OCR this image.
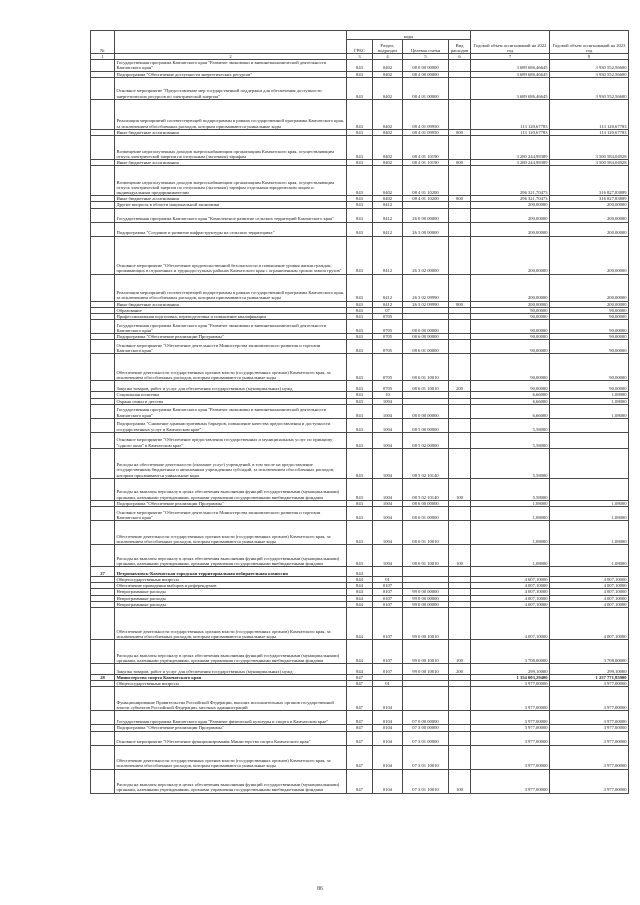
№		коды				Годовой объем ассигнований на 2022 год	Годовой объем ассигнований на 2023 год
		ГРБС	Раздел, подраздел	Целевая статья	Вид расходов		
1	2	3	4	5	6	7	8
	Государственная программа Камчатского края "Развитие экономики и внешнеэкономической деятельности Камчатского края"	843	0402	08 0 00 00000		3 689 686,46645	3 930 552,56600
	Подпрограмма "Обеспечение доступности энергетических ресурсов"	843	0402	08 4 00 00000		3 689 686,46645	3 930 552,56600
	Основное мероприятие "Предоставление мер государственной поддержки для обеспечения доступности энергетических ресурсов по электрической энергии"	843	0402	08 4 01 00000		3 689 686,46645	3 930 552,56600
	Реализация мероприятий соответствующей подпрограммы в рамках государственной программы Камчатского края, за исключением обособленных расходов, которым присваиваются уникальные коды	843	0402	08 4 01 09950		113 120,67783	113 120,67783
	Иные бюджетные ассигнования	843	0402	08 4 01 09950	800	113 120,67783	113 120,67783
	Возмещение недополученных доходов энергоснабжающим организациям Камчатского края, осуществляющим отпуск электрической энергии по отпускным (льготным) тарифам	843	0402	08 4 01 10190		3 280 244,98389	3 500 584,04928
	Иные бюджетные ассигнования	843	0402	08 4 01 10190	800	3 280 244,98389	3 500 584,04928
	Возмещение недополученных доходов энергоснабжающим организациям Камчатского края, осуществляющим отпуск электрической энергии по отпускным (льготным) тарифам отдельным юридическим лицам и индивидуальным предпринимателям	843	0402	08 4 01 10200		296 321,70473	316 827,83889
	Иные бюджетные ассигнования	843	0402	08 4 01 10200	800	296 321,70473	316 827,83889
	Другие вопросы в области национальной экономики	843	0412			200,00000	200,00000
	Государственная программа Камчатского края "Комплексное развитие сельских территорий Камчатского края"	843	0412	26 0 00 00000		200,00000	200,00000
	Подпрограмма "Создание и развитие инфраструктуры на сельских территориях"	843	0412	26 3 00 00000		200,00000	200,00000
	Основное мероприятие "Обеспечение продовольственной безопасности и повышение уровня жизни граждан, проживающих в отдаленных и труднодоступных районах Камчатского края с ограниченным сроком завоза грузов"	843	0412	26 3 02 00000		200,00000	200,00000
	Реализация мероприятий соответствующей подпрограммы в рамках государственной программы Камчатского края, за исключением обособленных расходов, которым присваиваются уникальные коды	843	0412	26 3 02 09990		200,00000	200,00000
	Иные бюджетные ассигнования	843	0412	26 3 02 09990	800	200,00000	200,00000
	Образование	843	07			90,00000	90,00000
	Профессиональная подготовка, переподготовка и повышение квалификации	843	0705			90,00000	90,00000
	Государственная программа Камчатского края "Развитие экономики и внешнеэкономической деятельности Камчатского края"	843	0705	08 0 00 00000		90,00000	90,00000
	Подпрограмма "Обеспечение реализации Программы"	843	0705	08 6 00 00000		90,00000	90,00000
	Основное мероприятие "Обеспечение деятельности Министерства экономического развития и торговли Камчатского края"	843	0705	08 6 01 00000		90,00000	90,00000
	Обеспечение деятельности государственных органов власти (государственных органов) Камчатского края, за исключением обособленных расходов, которым присваиваются уникальные коды	843	0705	08 6 01 10010		90,00000	90,00000
	Закупка товаров, работ и услуг для обеспечения государственных (муниципальных) нужд	843	0705	08 6 01 10010	200	90,00000	90,00000
	Социальная политика	843	10			6,66000	1,08000
	Охрана семьи и детства	843	1004			6,66000	1,08000
	Государственная программа Камчатского края "Развитие экономики и внешнеэкономической деятельности Камчатского края"	843	1004	08 0 00 00000		6,66000	1,08000
	Подпрограмма "Снижение административных барьеров, повышение качества предоставления и доступности государственных услуг в Камчатском крае"	843	1004	08 5 00 00000		5,58000	
	Основное мероприятие "Обеспечение предоставления государственных и муниципальных услуг по принципу "одного окна" в Камчатском крае"	843	1004	08 5 02 00000		5,58000	
	Расходы на обеспечение деятельности (оказание услуг) учреждений, в том числе на предоставление государственным бюджетным и автономным учреждениям субсидий, за исключением обособленных расходов, которым присваиваются уникальные коды	843	1004	08 5 02 10140		5,58000	
	Расходы на выплаты персоналу в целях обеспечения выполнения функций государственными (муниципальными) органами, казенными учреждениями, органами управления государственными внебюджетными фондами	843	1004	08 5 02 10140	100	5,58000	
	Подпрограмма "Обеспечение реализации Программы"	843	1004	08 6 00 00000		1,08000	1,08000
	Основное мероприятие "Обеспечение деятельности Министерства экономического развития и торговли Камчатского края"	843	1004	08 6 01 00000		1,08000	1,08000
	Обеспечение деятельности государственных органов власти (государственных органов) Камчатского края, за исключением обособленных расходов, которым присваиваются уникальные коды	843	1004	08 6 01 10010		1,08000	1,08000
	Расходы на выплаты персоналу в целях обеспечения выполнения функций государственными (муниципальными) органами, казенными учреждениями, органами управления государственными внебюджетными фондами	843	1004	08 6 01 10010	100	1,08000	1,08000
27	Петропавловск-Камчатская городская территориальная избирательная комиссия	844					
	Общегосударственные вопросы	844	01			4 007,10000	4 007,10000
	Обеспечение проведения выборов и референдумов	844	0107			4 007,10000	4 007,10000
	Непрограммные расходы	844	0107	99 0 00 00000		4 007,10000	4 007,10000
	Непрограммные расходы	844	0107	99 0 00 00000		4 007,10000	4 007,10000
	Непрограммные расходы	844	0107	99 0 00 00000		4 007,10000	4 007,10000
	Обеспечение деятельности государственных органов власти (государственных органов) Камчатского края, за исключением обособленных расходов, которым присваиваются уникальные коды	844	0107	99 0 00 10010		4 007,10000	4 007,10000
	Расходы на выплаты персоналу в целях обеспечения выполнения функций государственными (муниципальными) органами, казенными учреждениями, органами управления государственными внебюджетными фондами	844	0107	99 0 00 10010	100	3 708,00000	3 708,00000
	Закупка товаров, работ и услуг для обеспечения государственных (муниципальных) нужд	844	0107	99 0 00 10010	200	299,10000	299,10000
28	Министерство спорта Камчатского края	847				1 354 003,29400	1 257 771,85900
	Общегосударственные вопросы	847	01			3 977,00000	3 977,00000
	Функционирование Правительства Российской Федерации, высших исполнительных органов государственной власти субъектов Российской Федерации, местных администраций	847	0104			3 977,00000	3 977,00000
	Государственная программа Камчатского края "Развитие физической культуры и спорта в Камчатском крае"	847	0104	07 0 00 00000		3 977,00000	3 977,00000
	Подпрограмма "Обеспечение реализации Программы"	847	0104	07 3 00 00000		3 977,00000	3 977,00000
	Основное мероприятие "Обеспечение функционирования Министерства спорта Камчатского края"	847	0104	07 3 01 00000		3 977,00000	3 977,00000
	Обеспечение деятельности государственных органов власти (государственных органов) Камчатского края, за исключением обособленных расходов, которым присваиваются уникальные коды	847	0104	07 3 01 10010		3 977,00000	3 977,00000
	Расходы на выплаты персоналу в целях обеспечения выполнения функций государственными (муниципальными) органами, казенными учреждениями, органами управления государственными внебюджетными фондами	847	0104	07 3 01 10010	100	3 977,00000	3 977,00000
86
